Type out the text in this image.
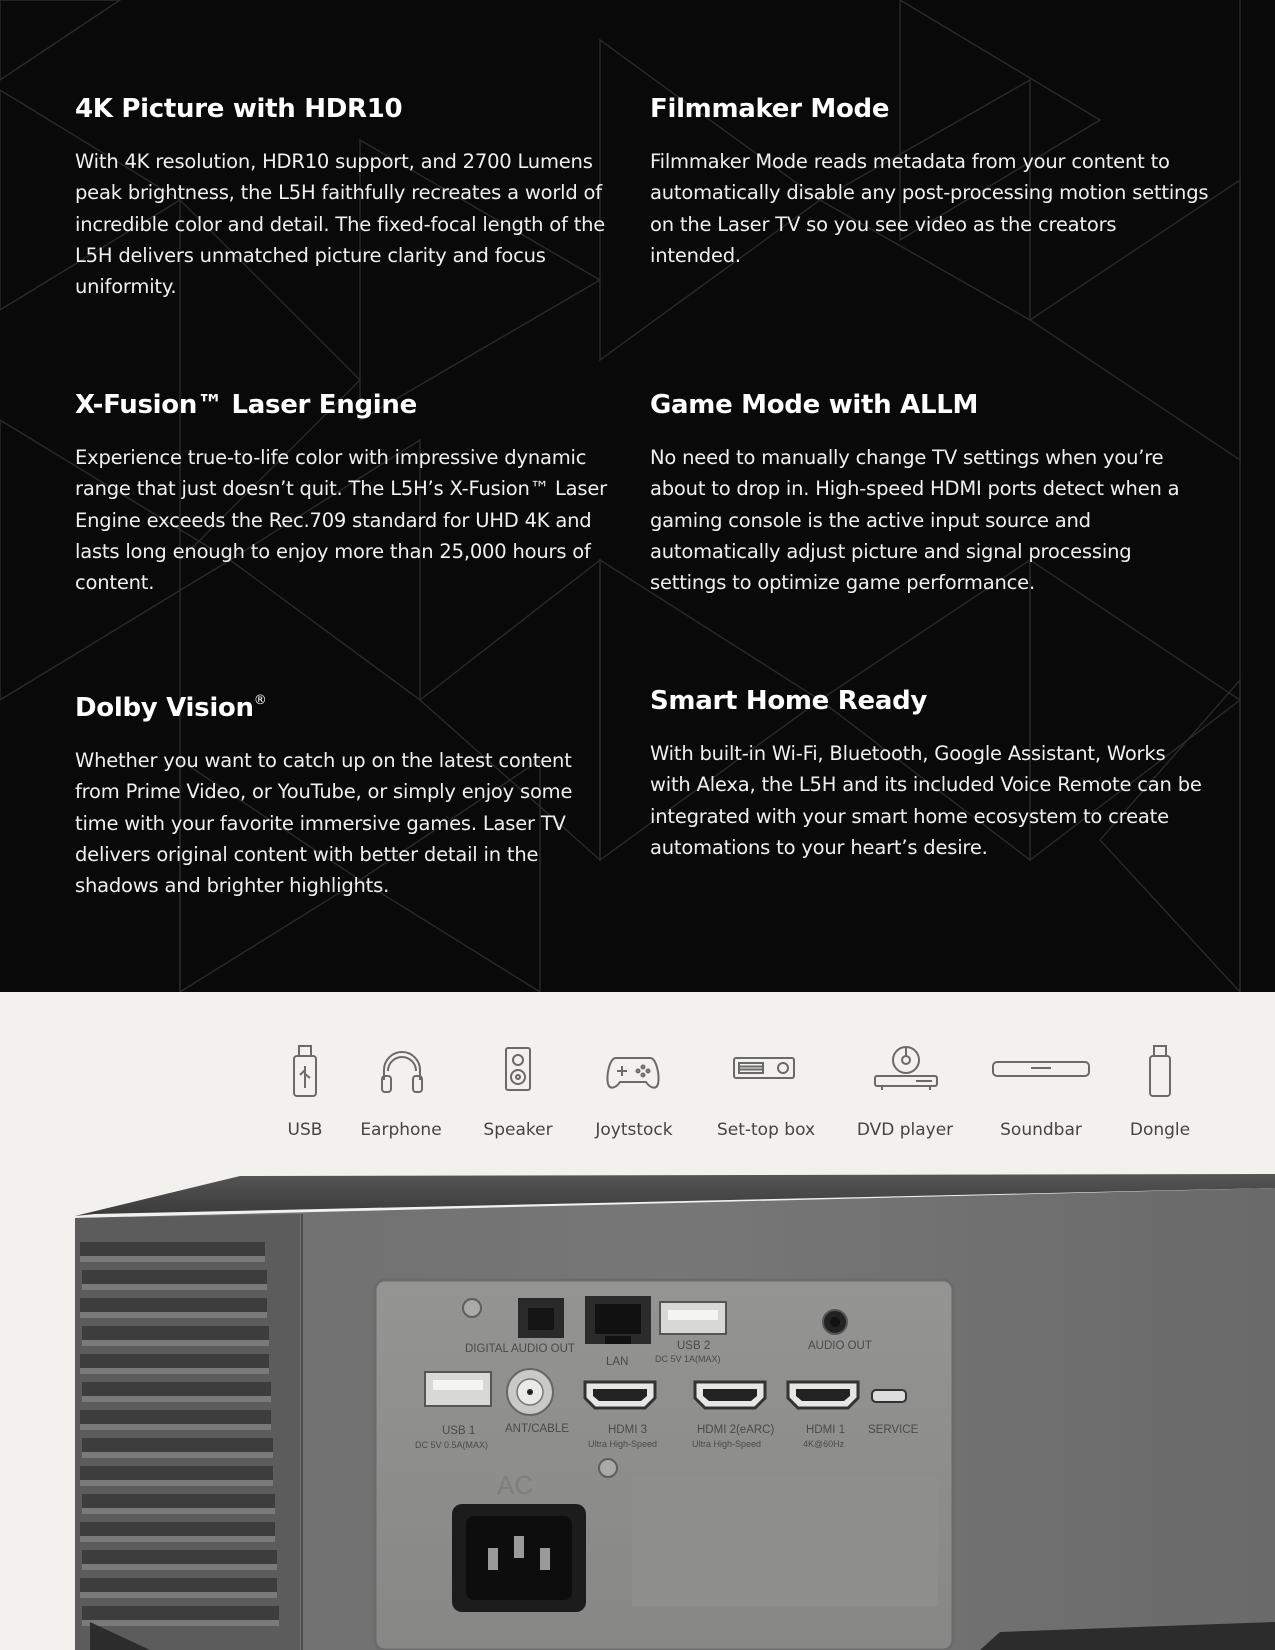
4K Picture with HDR10

With 4K resolution, HDR10 support, and 2700 Lumens peak brightness, the L5H faithfully recreates a world of incredible color and detail. The fixed-focal length of the L5H delivers unmatched picture clarity and focus uniformity.

Filmmaker Mode

Filmmaker Mode reads metadata from your content to automatically disable any post-processing motion settings on the Laser TV so you see video as the creators intended.

X-Fusion™ Laser Engine

Experience true-to-life color with impressive dynamic range that just doesn’t quit. The L5H’s X-Fusion™ Laser Engine exceeds the Rec.709 standard for UHD 4K and lasts long enough to enjoy more than 25,000 hours of content.

Game Mode with ALLM

No need to manually change TV settings when you’re about to drop in. High-speed HDMI ports detect when a gaming console is the active input source and automatically adjust picture and signal processing settings to optimize game performance.

Dolby Vision®

Whether you want to catch up on the latest content from Prime Video, or YouTube, or simply enjoy some time with your favorite immersive games. Laser TV delivers original content with better detail in the shadows and brighter highlights.

Smart Home Ready

With built-in Wi-Fi, Bluetooth, Google Assistant, Works with Alexa, the L5H and its included Voice Remote can be integrated with your smart home ecosystem to create automations to your heart’s desire.

USB	Earphone	Speaker	Joytstock	Set-top box	DVD player	Soundbar	Dongle
DIGITAL AUDIO OUT
LAN
USB 2
DC 5V 1A(MAX)
AUDIO OUT
USB 1
DC 5V 0.5A(MAX)
ANT/CABLE	HDMI 3
Ultra High-Speed
HDMI 2(eARC)
Ultra High-Speed
HDMI 1
4K@60Hz
SERVICE
AC
